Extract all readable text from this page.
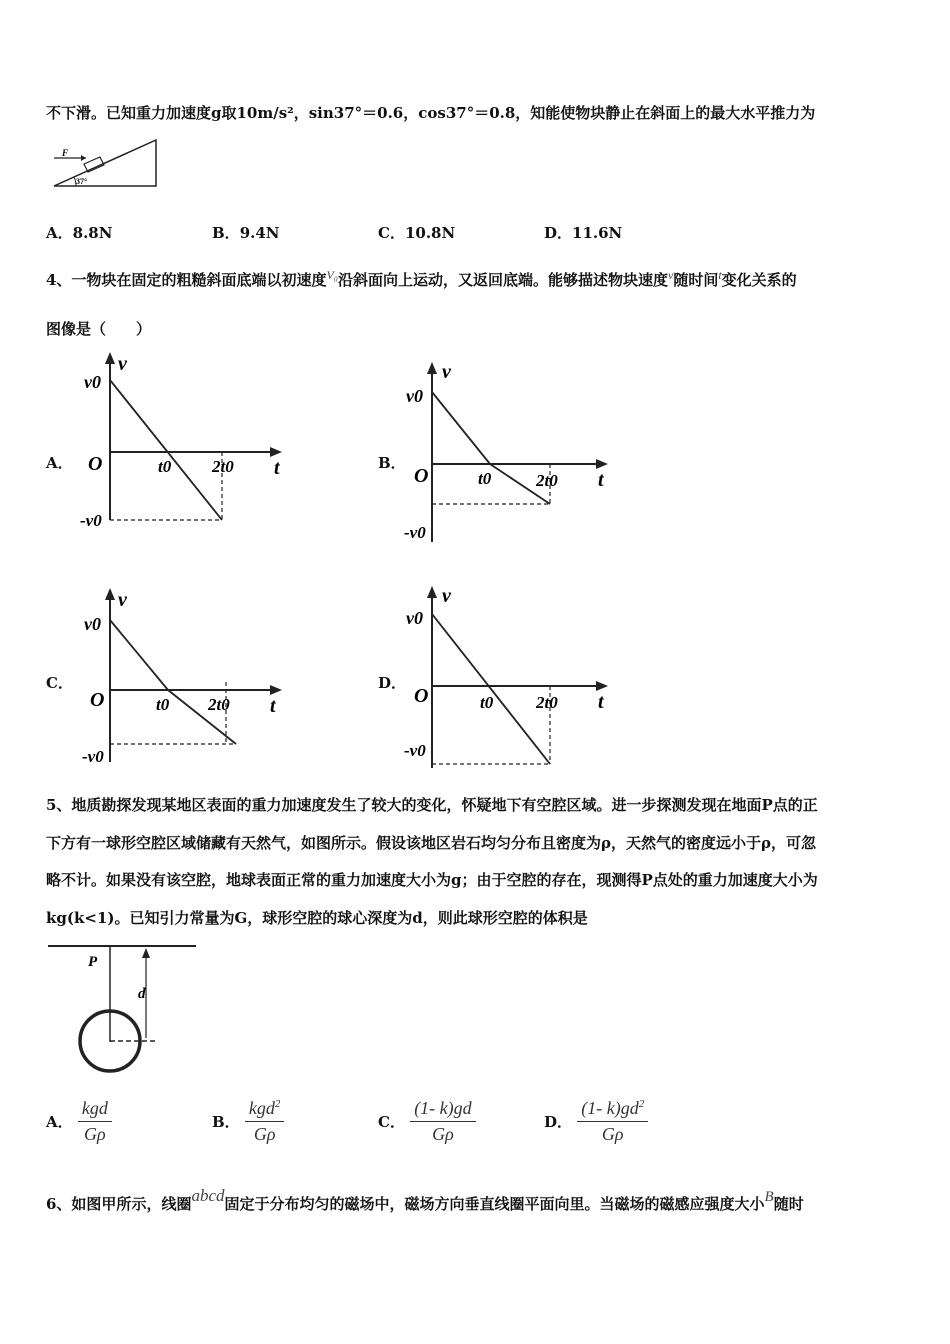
不下滑。已知重力加速度g取10m/s²，sin37°＝0.6，cos37°＝0.8，知能使物块静止在斜面上的最大水平推力为
F
37°
A．8.8N	B．9.4N	C．10.8N	D．11.6N
4、一物块在固定的粗糙斜面底端以初速度$^{V_0}$沿斜面向上运动，又返回底端。能够描述物块速度$^v$随时间$^t$变化关系的
图像是（　　）
A．	B．
C．	D．
v
v0
O	t0 2t0 t
-v0
v
v0
O	t0	2t0 t
-v0
v
v0
O	t0 2t0 t
-v0
v
v0
O	t0	2t0 t
-v0
5、地质勘探发现某地区表面的重力加速度发生了较大的变化，怀疑地下有空腔区域。进一步探测发现在地面P点的正
下方有一球形空腔区域储藏有天然气，如图所示。假设该地区岩石均匀分布且密度为ρ，天然气的密度远小于ρ，可忽
略不计。如果没有该空腔，地球表面正常的重力加速度大小为g；由于空腔的存在，现测得P点处的重力加速度大小为
kg(k<1)。已知引力常量为G，球形空腔的球心深度为d，则此球形空腔的体积是
P
d
A． $\frac{\text{kgd}}{G\rho}$	B． $\frac{kgd^2}{G\rho}$	C． $\frac{(1- k)gd}{G\rho}$	D． $\frac{(1- k)gd^2}{G\rho}$
6、如图甲所示，线圈abcd固定于分布均匀的磁场中，磁场方向垂直线圈平面向里。当磁场的磁感应强度大小B随时
